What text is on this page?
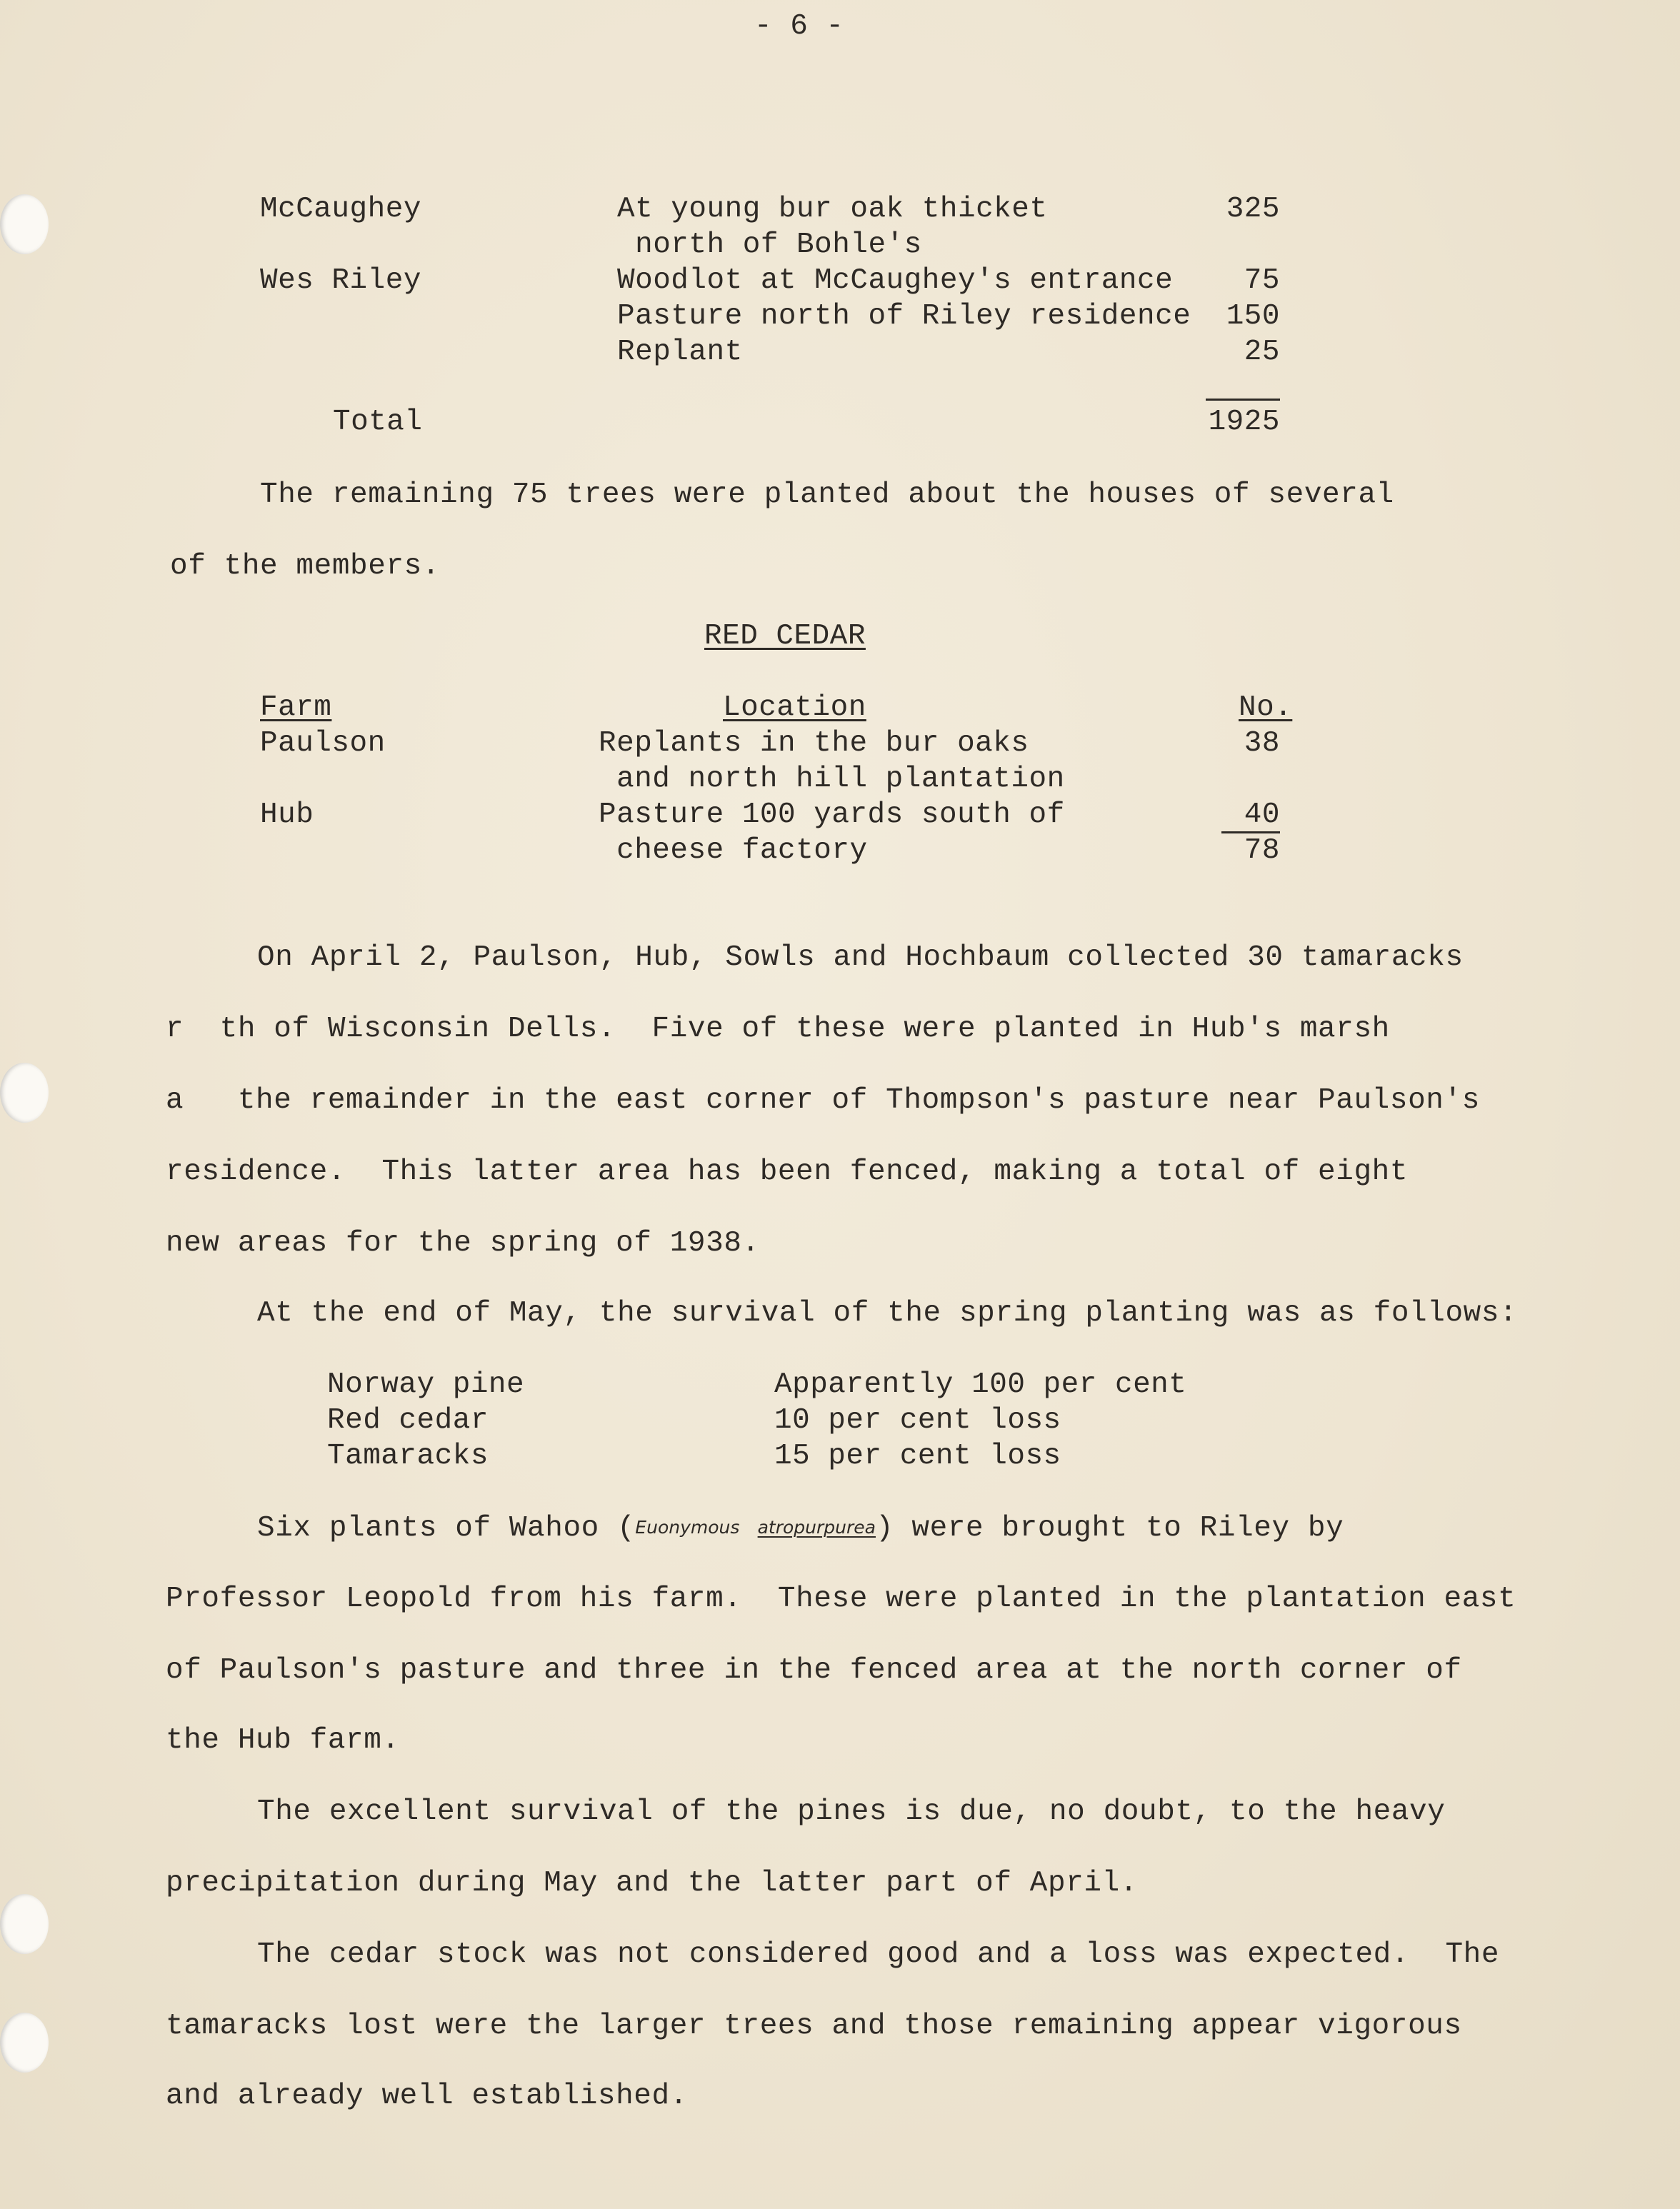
- 6 -
McCaughey	At young bur oak thicket	325
north of Bohle's
Wes Riley	Woodlot at McCaughey's entrance	75
Pasture north of Riley residence	150
Replant	25
Total	1925
The remaining 75 trees were planted about the houses of several
of the members.
RED CEDAR
Farm	Location	No.
Paulson	Replants in the bur oaks	38
and north hill plantation
Hub	Pasture 100 yards south of	40
cheese factory	78
On April 2, Paulson, Hub, Sowls and Hochbaum collected 30 tamaracks
r  th of Wisconsin Dells.  Five of these were planted in Hub's marsh
a   the remainder in the east corner of Thompson's pasture near Paulson's
residence.  This latter area has been fenced, making a total of eight
new areas for the spring of 1938.
At the end of May, the survival of the spring planting was as follows:
Norway pine	Apparently 100 per cent
Red cedar	10 per cent loss
Tamaracks	15 per cent loss
Six plants of Wahoo (Euonymous atropurpurea) were brought to Riley by
Professor Leopold from his farm.  These were planted in the plantation east
of Paulson's pasture and three in the fenced area at the north corner of
the Hub farm.
The excellent survival of the pines is due, no doubt, to the heavy
precipitation during May and the latter part of April.
The cedar stock was not considered good and a loss was expected.  The
tamaracks lost were the larger trees and those remaining appear vigorous
and already well established.
